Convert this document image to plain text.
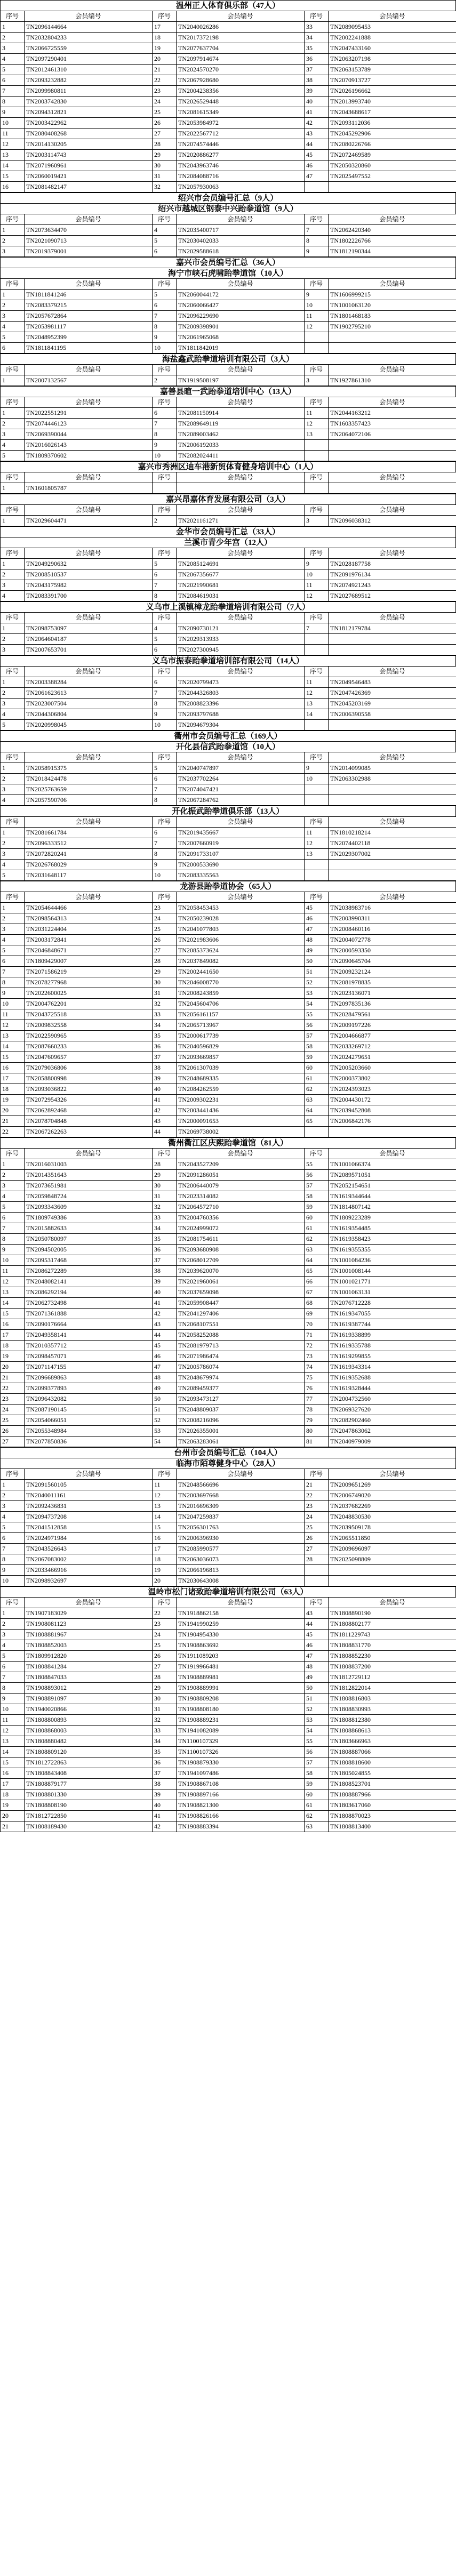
温州正人体育俱乐部（47人）
序号	会员编号	序号	会员编号	序号	会员编号
1	TN2096144664	17	TN2040026286	33	TN2089095453
2	TN2032804233	18	TN2017372198	34	TN2002241888
3	TN2066725559	19	TN2077637704	35	TN2047433160
4	TN2097290401	20	TN2097914674	36	TN2063207198
5	TN2012461310	21	TN2024570270	37	TN2063153789
6	TN2093232882	22	TN2067928680	38	TN2070913727
7	TN2099980811	23	TN2004238356	39	TN2026196662
8	TN2003742830	24	TN2026529448	40	TN2013993740
9	TN2094312821	25	TN2081615349	41	TN2043688617
10	TN2003422962	26	TN2053984972	42	TN2093112036
11	TN2080408268	27	TN2022567712	43	TN2045292906
12	TN2014130205	28	TN2074574446	44	TN2080226766
13	TN2003114743	29	TN2020886277	45	TN2072469589
14	TN2071960961	30	TN2043963746	46	TN2050320860
15	TN2060019421	31	TN2084088716	47	TN2025497552
16	TN2081482147	32	TN2057930063		
绍兴市会员编号汇总（9人）
绍兴市越城区钢泰中兴跆拳道馆（9人）
序号	会员编号	序号	会员编号	序号	会员编号
1	TN2073634470	4	TN2035400717	7	TN2062420340
2	TN2021090713	5	TN2030402033	8	TN1802226766
3	TN2019379001	6	TN2029588618	9	TN1812190344
嘉兴市会员编号汇总（36人）
海宁市峡石虎啸跆拳道馆（10人）
序号	会员编号	序号	会员编号	序号	会员编号
1	TN1811841246	5	TN2060044172	9	TN1606999215
2	TN2083379215	6	TN2060066427	10	TN1001063120
3	TN2057672864	7	TN2096229690	11	TN1801468183
4	TN2053981117	8	TN2009398901	12	TN1902795210
5	TN2048952399	9	TN2061965068		
6	TN1811841195	10	TN1811842019		
海盐鑫武跆拳道培训有限公司（3人）
序号	会员编号	序号	会员编号	序号	会员编号
1	TN2007132567	2	TN1919508197	3	TN1927861310
嘉善县暄一武跆拳道培训中心（13人）
序号	会员编号	序号	会员编号	序号	会员编号
1	TN2022551291	6	TN2081150914	11	TN2044163212
2	TN2074446123	7	TN2089649119	12	TN1603357423
3	TN2069390044	8	TN2089003462	13	TN2064072106
4	TN2016026143	9	TN2006192033		
5	TN1809370602	10	TN2082024411		
嘉兴市秀洲区迪车港新贸体育健身培训中心（1人）
序号	会员编号	序号	会员编号	序号	会员编号
1	TN1601805787				
嘉兴昂嘉体育发展有限公司（3人）
序号	会员编号	序号	会员编号	序号	会员编号
1	TN2029604471	2	TN2021161271	3	TN2096038312
金华市会员编号汇总（33人）
兰溪市青少年宫（12人）
序号	会员编号	序号	会员编号	序号	会员编号
1	TN2049290632	5	TN2085124691	9	TN2028187758
2	TN2008510537	6	TN2067356677	10	TN2091976134
3	TN2043175982	7	TN2021990681	11	TN2074921243
4	TN2083391700	8	TN2084619031	12	TN2027689512
义乌市上溪镇樟龙跆拳道培训有限公司（7人）
序号	会员编号	序号	会员编号	序号	会员编号
1	TN2098753097	4	TN2090730121	7	TN1812179784
2	TN2064604187	5	TN2029313933		
3	TN2007653701	6	TN2027300945		
义乌市振泰跆拳道培训部有限公司（14人）
序号	会员编号	序号	会员编号	序号	会员编号
1	TN2003388284	6	TN2020799473	11	TN2049546483
2	TN2061623613	7	TN2044326803	12	TN2047426369
3	TN2023007504	8	TN2008823396	13	TN2045203169
4	TN2044306804	9	TN2093797688	14	TN2006390558
5	TN2020998045	10	TN2094679304		
衢州市会员编号汇总（169人）
开化县信武跆拳道馆（10人）
序号	会员编号	序号	会员编号	序号	会员编号
1	TN2058915375	5	TN2040747897	9	TN2014099085
2	TN2018424478	6	TN2037702264	10	TN2063302988
3	TN2025763659	7	TN2074047421		
4	TN2057590706	8	TN2067284762		
开化振武跆拳道俱乐部（13人）
序号	会员编号	序号	会员编号	序号	会员编号
1	TN2081661784	6	TN2019435667	11	TN1810218214
2	TN2096333512	7	TN2007660919	12	TN2074402118
3	TN2072820241	8	TN2091733107	13	TN2029307002
4	TN2026768029	9	TN2000533690		
5	TN2031648117	10	TN2083335563		
龙游县跆拳道协会（65人）
序号	会员编号	序号	会员编号	序号	会员编号
1	TN2054644466	23	TN2058453453	45	TN2038983716
2	TN2098564313	24	TN2050239028	46	TN2003990311
3	TN2031224404	25	TN2041077803	47	TN2008460116
4	TN2003172841	26	TN2021983606	48	TN2004072778
5	TN2046848671	27	TN2085373624	49	TN2000593350
6	TN1809429007	28	TN2037849082	50	TN2090645704
7	TN2071586219	29	TN2002441650	51	TN2009232124
8	TN2078277968	30	TN2046008770	52	TN2081978835
9	TN2022600025	31	TN2008243859	53	TN2023136071
10	TN2004762201	32	TN2045604706	54	TN2097835136
11	TN2043725518	33	TN2056161157	55	TN2028479561
12	TN2009832558	34	TN2065713967	56	TN2009197226
13	TN2022590965	35	TN2000617739	57	TN2004666877
14	TN2087660233	36	TN2040596829	58	TN2033269712
15	TN2047609657	37	TN2093669857	59	TN2024279651
16	TN2079036806	38	TN2061307039	60	TN2005203660
17	TN2058800998	39	TN2048689335	61	TN2000373802
18	TN2093036822	40	TN2084262559	62	TN2024393023
19	TN2072954326	41	TN2009302231	63	TN2004430172
20	TN2062892468	42	TN2003441436	64	TN2039452808
21	TN2078704848	43	TN2000091653	65	TN2006842176
22	TN2067262263	44	TN2069738002		
衢州衢江区庆熙跆拳道馆（81人）
序号	会员编号	序号	会员编号	序号	会员编号
1	TN2016031003	28	TN2043527209	55	TN1001066374
2	TN2014351643	29	TN2091286051	56	TN2089571051
3	TN2073651981	30	TN2006440079	57	TN2052154651
4	TN2059848724	31	TN2023314082	58	TN1619344644
5	TN2093343609	32	TN2064572710	59	TN1814807142
6	TN1809749386	33	TN2004760356	60	TN1809223289
7	TN2015882633	34	TN2024999072	61	TN1619354485
8	TN2050780097	35	TN2081754611	62	TN1619358423
9	TN2094502005	36	TN2093680908	63	TN1619355355
10	TN2095317468	37	TN2068012709	64	TN1001084236
11	TN2086272289	38	TN2039620070	65	TN1001008144
12	TN2048082141	39	TN2021960061	66	TN1001021771
13	TN2086292194	40	TN2037659098	67	TN1001063131
14	TN2062732498	41	TN2059908447	68	TN2076712228
15	TN2071361888	42	TN2041297406	69	TN1619347055
16	TN2090176664	43	TN2068107551	70	TN1619387744
17	TN2049358141	44	TN2058252088	71	TN1619338899
18	TN2010357712	45	TN2081979713	72	TN1619335788
19	TN2098457071	46	TN2071986474	73	TN1619299855
20	TN2071147155	47	TN2005786074	74	TN1619343314
21	TN2096689863	48	TN2048679974	75	TN1619352688
22	TN2099377893	49	TN2089459377	76	TN1619328444
23	TN2096432082	50	TN2093473127	77	TN2004732560
24	TN2087190145	51	TN2048809037	78	TN2069327620
25	TN2054066051	52	TN2008216096	79	TN2082902460
26	TN2055348984	53	TN2026355001	80	TN2047863062
27	TN2077850836	54	TN2063283061	81	TN2040979009
台州市会员编号汇总（104人）
临海市陌尊健身中心（28人）
序号	会员编号	序号	会员编号	序号	会员编号
1	TN2091560105	11	TN2048566696	21	TN2009651269
2	TN2040011161	12	TN2003697668	22	TN2006749020
3	TN2092436831	13	TN2016696309	23	TN2037682269
4	TN2094737208	14	TN2047259837	24	TN2048830530
5	TN2041512858	15	TN2056301763	25	TN2039509178
6	TN2024971984	16	TN2006396930	26	TN2065511850
7	TN2043526643	17	TN2085990577	27	TN2009696097
8	TN2067083002	18	TN2063036073	28	TN2025098809
9	TN2033466916	19	TN2066196813		
10	TN2098932697	20	TN2030643008		
温岭市松门诸致跆拳道培训有限公司（63人）
序号	会员编号	序号	会员编号	序号	会员编号
1	TN1907183029	22	TN1918862158	43	TN1808890190
2	TN1908081123	23	TN1941990259	44	TN1808802177
3	TN1808881967	24	TN1904954330	45	TN1811229743
4	TN1808852003	25	TN1908863692	46	TN1808831770
5	TN1809912820	26	TN1911089203	47	TN1808852230
6	TN1808841284	27	TN1919966481	48	TN1808837200
7	TN1808847033	28	TN1908889981	49	TN1812729112
8	TN1908893012	29	TN1908889991	50	TN1812822014
9	TN1908891097	30	TN1908809208	51	TN1808816803
10	TN1940020866	31	TN1908808180	52	TN1808830993
11	TN1808800893	32	TN1908889231	53	TN1808812380
12	TN1808868003	33	TN1941082089	54	TN1808868613
13	TN1808880482	34	TN1100107329	55	TN1803666963
14	TN1808809120	35	TN1100107326	56	TN1808887066
15	TN1812722863	36	TN1908879330	57	TN1808818600
16	TN1808843408	37	TN1941097486	58	TN1805024855
17	TN1808879177	38	TN1908867108	59	TN1808523701
18	TN1808801330	39	TN1908897166	60	TN1808887966
19	TN1808808190	40	TN1908821300	61	TN1803617060
20	TN1812722850	41	TN1908826166	62	TN1808870023
21	TN1808189430	42	TN1908883394	63	TN1808813400
